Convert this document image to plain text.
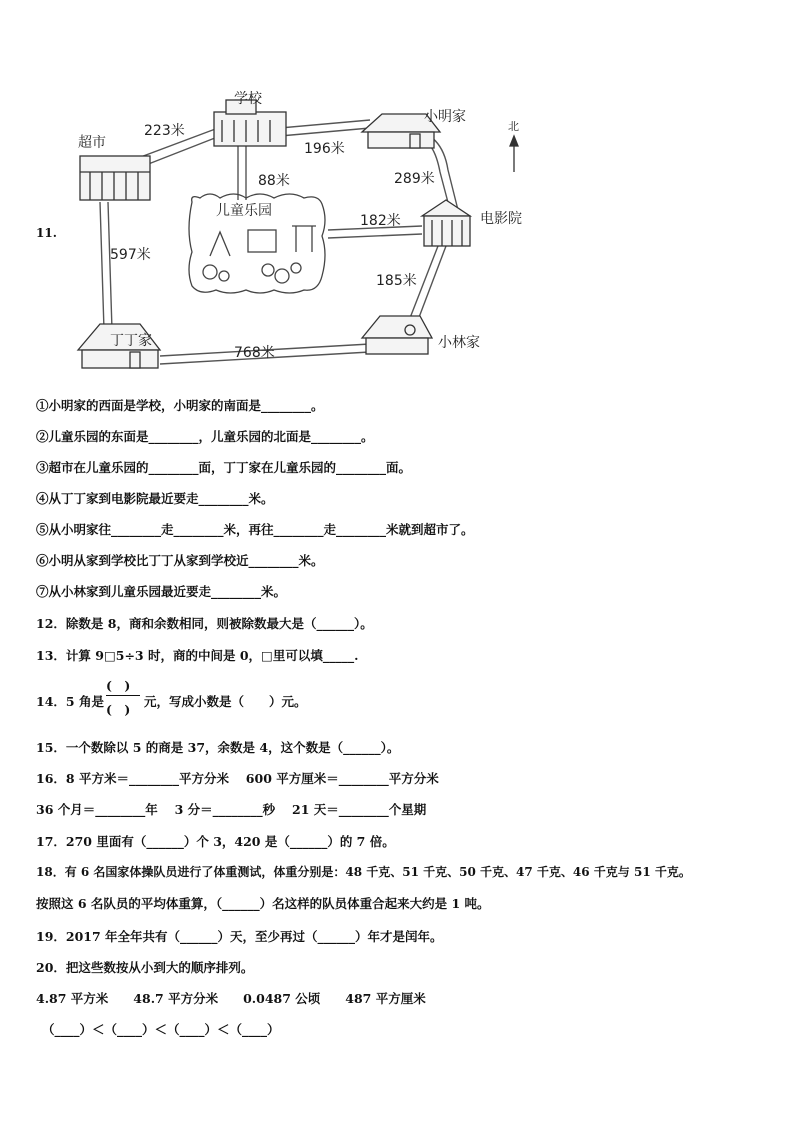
11.
学校
超市
小明家
电影院
儿童乐园
丁丁家	小林家
北
223米
196米
88米	289米
182米
597米
185米
768米
①小明家的西面是学校，小明家的南面是________。
②儿童乐园的东面是________，儿童乐园的北面是________。
③超市在儿童乐园的________面，丁丁家在儿童乐园的________面。
④从丁丁家到电影院最近要走________米。
⑤从小明家往________走________米，再往________走________米就到超市了。
⑥小明从家到学校比丁丁从家到学校近________米。
⑦从小林家到儿童乐园最近要走________米。
12．除数是 8，商和余数相同，则被除数最大是（______）。
13．计算 9□5÷3 时，商的中间是 0，□里可以填_____.
14．5 角是
(　)
(　)
元，写成小数是（　　）元。
15．一个数除以 5 的商是 37，余数是 4，这个数是（______）。
16．8 平方米＝________平方分米　 600 平方厘米＝________平方分米
36 个月＝________年　 3 分＝________秒　 21 天＝________个星期
17．270 里面有（______）个 3，420 是（______）的 7 倍。
18．有 6 名国家体操队员进行了体重测试，体重分别是：48 千克、51 千克、50 千克、47 千克、46 千克与 51 千克。
按照这 6 名队员的平均体重算，（______）名这样的队员体重合起来大约是 1 吨。
19．2017 年全年共有（______）天，至少再过（______）年才是闰年。
20．把这些数按从小到大的顺序排列。
4.87 平方米　　48.7 平方分米　　0.0487 公顷　　487 平方厘米
（____）＜（____）＜（____）＜（____）
